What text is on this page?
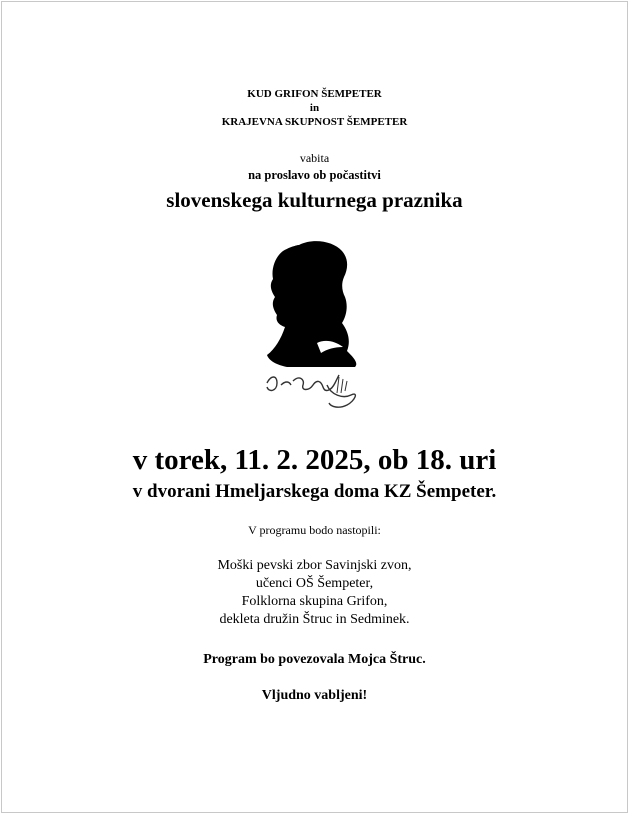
KUD GRIFON ŠEMPETER
in
KRAJEVNA SKUPNOST ŠEMPETER
vabita
na proslavo ob počastitvi
slovenskega kulturnega praznika
v torek, 11. 2. 2025, ob 18. uri
v dvorani Hmeljarskega doma KZ Šempeter.
V programu bodo nastopili:
Moški pevski zbor Savinjski zvon,
učenci OŠ Šempeter,
Folklorna skupina Grifon,
dekleta družin Štruc in Sedminek.
Program bo povezovala Mojca Štruc.
Vljudno vabljeni!
